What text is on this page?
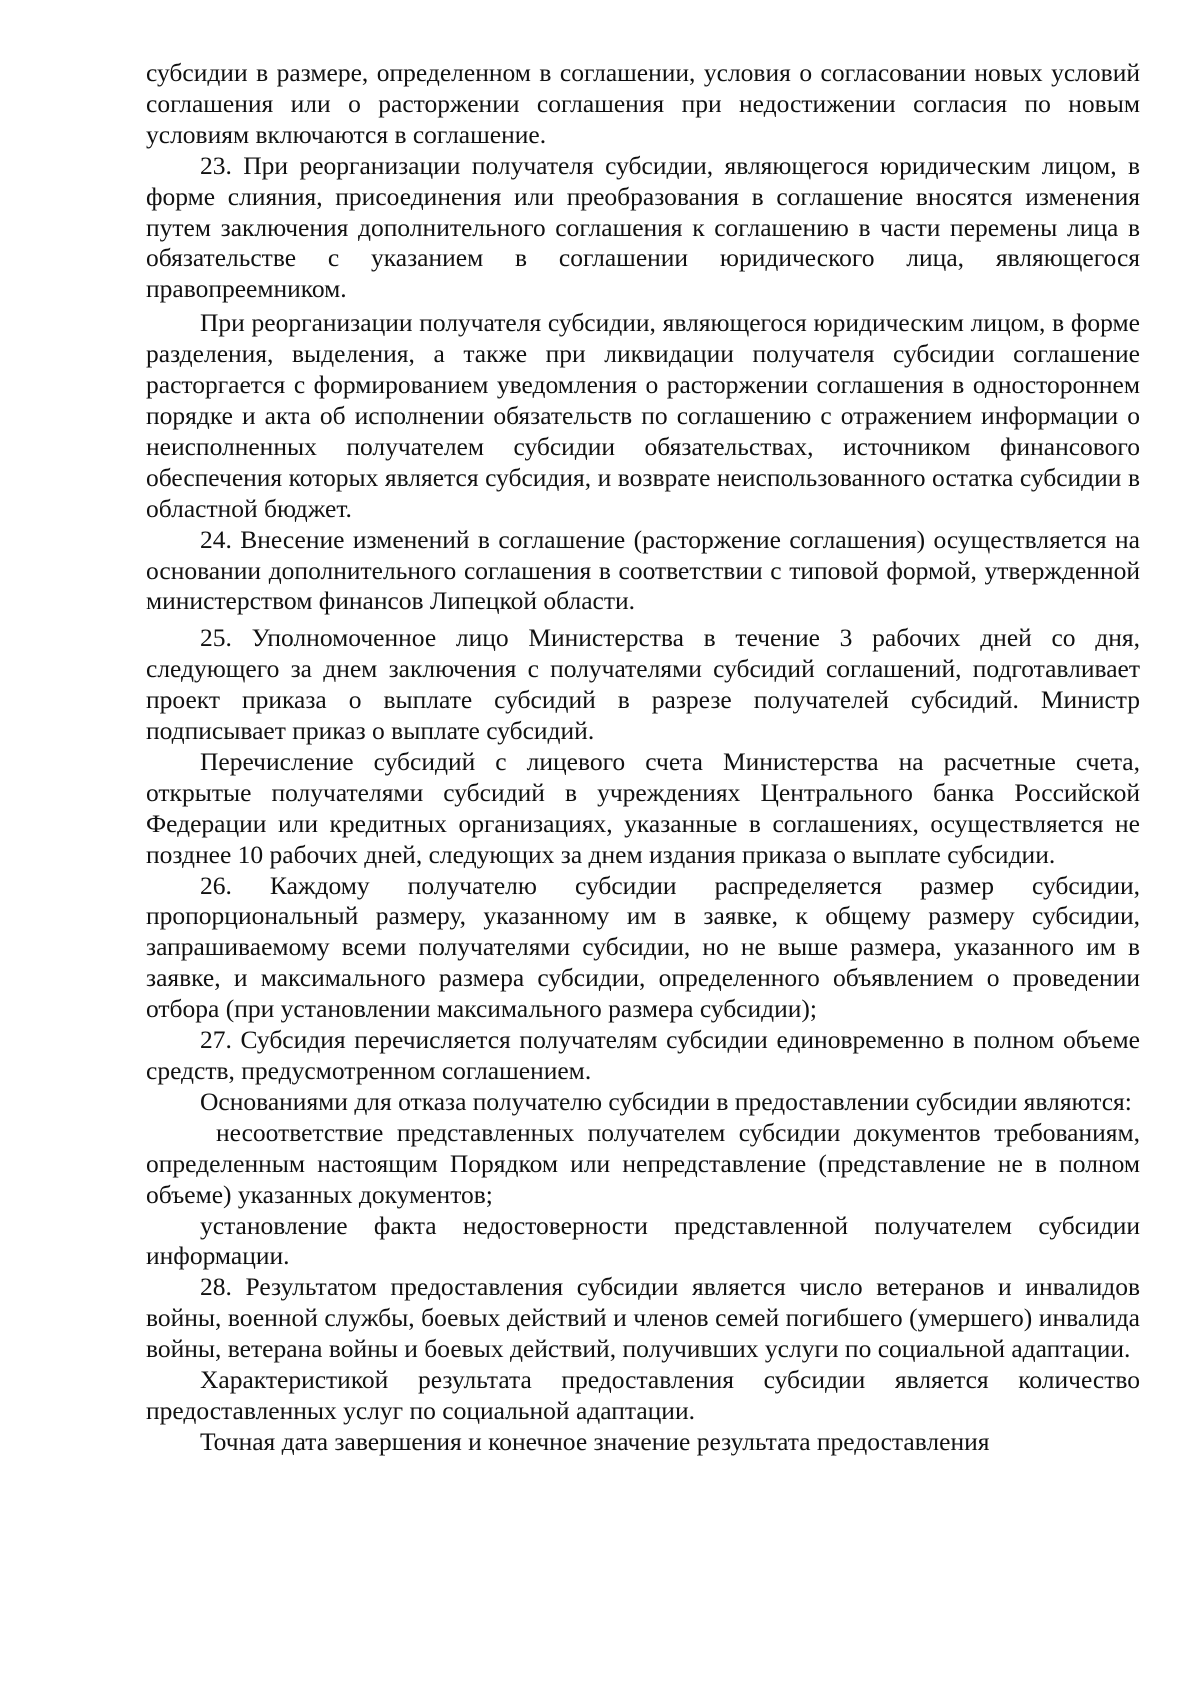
субсидии в размере, определенном в соглашении, условия о согласовании новых условий соглашения или о расторжении соглашения при недостижении согласия по новым условиям включаются в соглашение.

23. При реорганизации получателя субсидии, являющегося юридическим лицом, в форме слияния, присоединения или преобразования в соглашение вносятся изменения путем заключения дополнительного соглашения к соглашению в части перемены лица в обязательстве с указанием в соглашении юридического лица, являющегося правопреемником.

При реорганизации получателя субсидии, являющегося юридическим лицом, в форме разделения, выделения, а также при ликвидации получателя субсидии соглашение расторгается с формированием уведомления о расторжении соглашения в одностороннем порядке и акта об исполнении обязательств по соглашению с отражением информации о неисполненных получателем субсидии обязательствах, источником финансового обеспечения которых является субсидия, и возврате неиспользованного остатка субсидии в областной бюджет.

24. Внесение изменений в соглашение (расторжение соглашения) осуществляется на основании дополнительного соглашения в соответствии с типовой формой, утвержденной министерством финансов Липецкой области.

25. Уполномоченное лицо Министерства в течение 3 рабочих дней со дня, следующего за днем заключения с получателями субсидий соглашений, подготавливает проект приказа о выплате субсидий в разрезе получателей субсидий. Министр подписывает приказ о выплате субсидий.

Перечисление субсидий с лицевого счета Министерства на расчетные счета, открытые получателями субсидий в учреждениях Центрального банка Российской Федерации или кредитных организациях, указанные в соглашениях, осуществляется не позднее 10 рабочих дней, следующих за днем издания приказа о выплате субсидии.

26. Каждому получателю субсидии распределяется размер субсидии, пропорциональный размеру, указанному им в заявке, к общему размеру субсидии, запрашиваемому всеми получателями субсидии, но не выше размера, указанного им в заявке, и максимального размера субсидии, определенного объявлением о проведении отбора (при установлении максимального размера субсидии);

27. Субсидия перечисляется получателям субсидии единовременно в полном объеме средств, предусмотренном соглашением.

Основаниями для отказа получателю субсидии в предоставлении субсидии являются:

несоответствие представленных получателем субсидии документов требованиям, определенным настоящим Порядком или непредставление (представление не в полном объеме) указанных документов;

установление факта недостоверности представленной получателем субсидии информации.

28. Результатом предоставления субсидии является число ветеранов и инвалидов войны, военной службы, боевых действий и членов семей погибшего (умершего) инвалида войны, ветерана войны и боевых действий, получивших услуги по социальной адаптации.

Характеристикой результата предоставления субсидии является количество предоставленных услуг по социальной адаптации.

Точная дата завершения и конечное значение результата предоставления
